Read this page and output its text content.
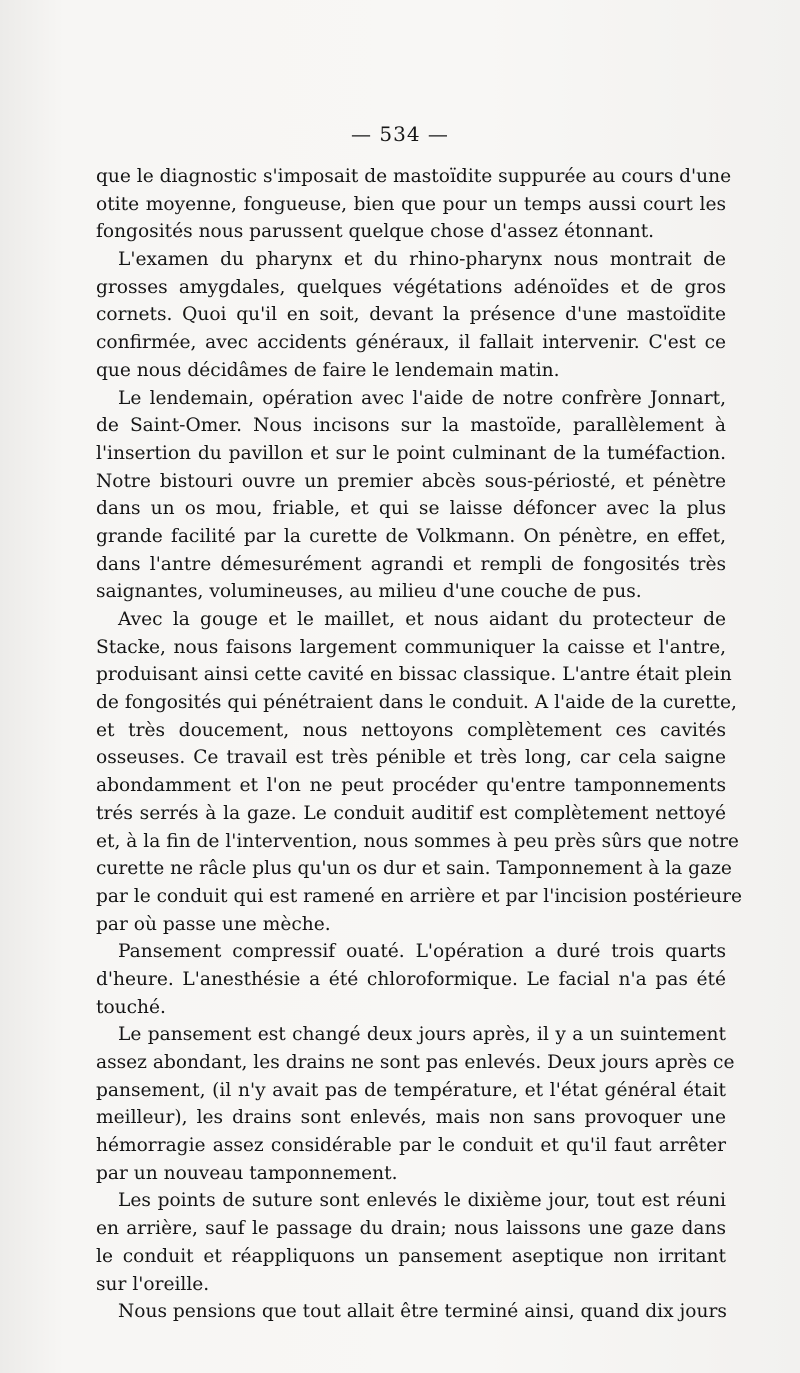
— 534 —
que le diagnostic s'imposait de mastoïdite suppurée au cours d'une
otite moyenne, fongueuse, bien que pour un temps aussi court les
fongosités nous parussent quelque chose d'assez étonnant.
L'examen du pharynx et du rhino-pharynx nous montrait de
grosses amygdales, quelques végétations adénoïdes et de gros
cornets. Quoi qu'il en soit, devant la présence d'une mastoïdite
confirmée, avec accidents généraux, il fallait intervenir. C'est ce
que nous décidâmes de faire le lendemain matin.
Le lendemain, opération avec l'aide de notre confrère Jonnart,
de Saint-Omer. Nous incisons sur la mastoïde, parallèlement à
l'insertion du pavillon et sur le point culminant de la tuméfaction.
Notre bistouri ouvre un premier abcès sous-périosté, et pénètre
dans un os mou, friable, et qui se laisse défoncer avec la plus
grande facilité par la curette de Volkmann. On pénètre, en effet,
dans l'antre démesurément agrandi et rempli de fongosités très
saignantes, volumineuses, au milieu d'une couche de pus.
Avec la gouge et le maillet, et nous aidant du protecteur de
Stacke, nous faisons largement communiquer la caisse et l'antre,
produisant ainsi cette cavité en bissac classique. L'antre était plein
de fongosités qui pénétraient dans le conduit. A l'aide de la curette,
et très doucement, nous nettoyons complètement ces cavités
osseuses. Ce travail est très pénible et très long, car cela saigne
abondamment et l'on ne peut procéder qu'entre tamponnements
trés serrés à la gaze. Le conduit auditif est complètement nettoyé
et, à la fin de l'intervention, nous sommes à peu près sûrs que notre
curette ne râcle plus qu'un os dur et sain. Tamponnement à la gaze
par le conduit qui est ramené en arrière et par l'incision postérieure
par où passe une mèche.
Pansement compressif ouaté. L'opération a duré trois quarts
d'heure. L'anesthésie a été chloroformique. Le facial n'a pas été
touché.
Le pansement est changé deux jours après, il y a un suintement
assez abondant, les drains ne sont pas enlevés. Deux jours après ce
pansement, (il n'y avait pas de température, et l'état général était
meilleur), les drains sont enlevés, mais non sans provoquer une
hémorragie assez considérable par le conduit et qu'il faut arrêter
par un nouveau tamponnement.
Les points de suture sont enlevés le dixième jour, tout est réuni
en arrière, sauf le passage du drain; nous laissons une gaze dans
le conduit et réappliquons un pansement aseptique non irritant
sur l'oreille.
Nous pensions que tout allait être terminé ainsi, quand dix jours
